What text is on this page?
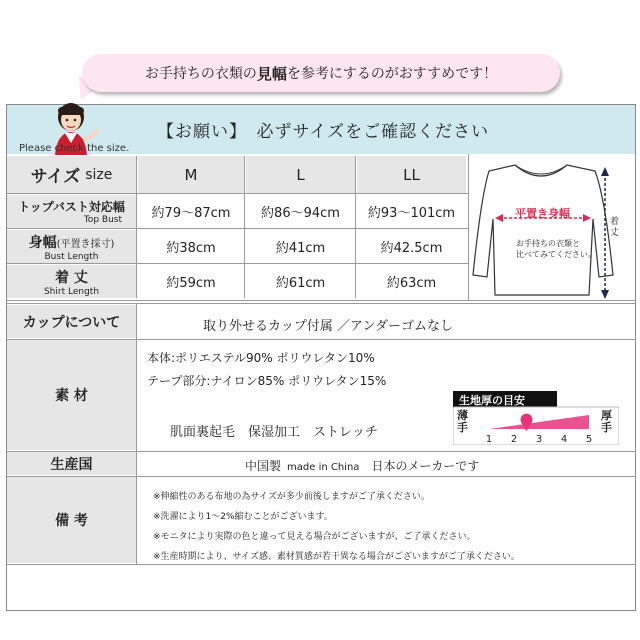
お手持ちの衣類の 見幅 を参考にするのがおすすめです！
【お願い】　必ずサイズをご確認ください
Please check the size.
サイズ size	M	L	LL
トップバスト対応幅
Top Bust	約79〜87cm	約86〜94cm	約93〜101cm
身幅(平置き採寸)
Bust Length
約38cm	約41cm	約42.5cm
着 丈
Shirt Length
約59cm	約61cm	約63cm
平置き身幅
お手持ちの衣類と
比べてみてください。
着丈
カップについて	取り外せるカップ付属 ／アンダーゴムなし
素 材
本体:ポリエステル90% ポリウレタン10%
テープ部分:ナイロン85% ポリウレタン15%
肌面裏起毛　保湿加工　ストレッチ	1 2 3 4 5
生地厚の目安
薄手
厚手
生産国	中国製 made in China 日本のメーカーです
備 考
※伸縮性のある布地の為サイズが多少前後しますがご了承ください。
※洗濯により1〜2%縮むことがございます。
※モニタにより実際の色と違って見える場合がございますが、ご了承ください。
※生産時期により、サイズ感、素材質感が若干異なる場合がございますがご了承ください。
